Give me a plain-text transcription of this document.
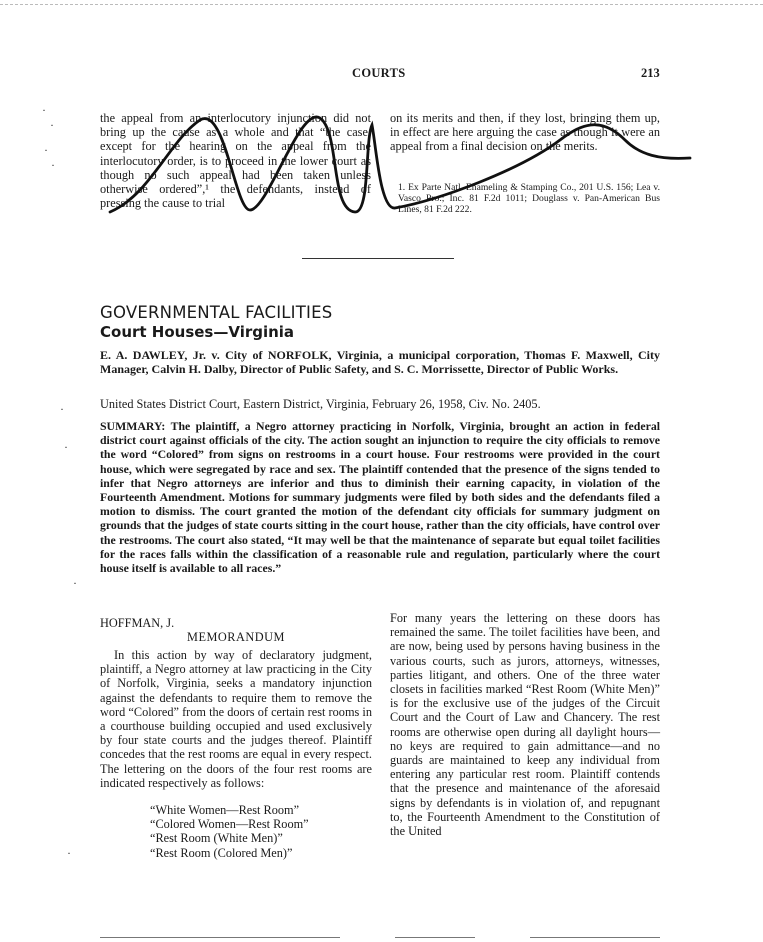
COURTS	213

the appeal from an interlocutory injunction did not bring up the cause as a whole and that “the case, except for the hearing on the appeal from the interlocutory order, is to proceed in the lower court as though no such appeal had been taken unless otherwise ordered”,¹ the defendants, instead of pressing the cause to trial

on its merits and then, if they lost, bringing them up, in effect are here arguing the case as though it were an appeal from a final decision on the merits.

1. Ex Parte Natl. Enameling & Stamping Co., 201 U.S. 156; Lea v. Vasco Pro.; Inc. 81 F.2d 1011; Douglass v. Pan-American Bus Lines, 81 F.2d 222.
GOVERNMENTAL FACILITIES
Court Houses—Virginia
E. A. DAWLEY, Jr. v. City of NORFOLK, Virginia, a municipal corporation, Thomas F. Maxwell, City Manager, Calvin H. Dalby, Director of Public Safety, and S. C. Morrissette, Director of Public Works.
United States District Court, Eastern District, Virginia, February 26, 1958, Civ. No. 2405.
SUMMARY: The plaintiff, a Negro attorney practicing in Norfolk, Virginia, brought an action in federal district court against officials of the city. The action sought an injunction to require the city officials to remove the word “Colored” from signs on restrooms in a court house. Four restrooms were provided in the court house, which were segregated by race and sex. The plaintiff contended that the presence of the signs tended to infer that Negro attorneys are inferior and thus to diminish their earning capacity, in violation of the Fourteenth Amendment. Motions for summary judgments were filed by both sides and the defendants filed a motion to dismiss. The court granted the motion of the defendant city officials for summary judgment on grounds that the judges of state courts sitting in the court house, rather than the city officials, have control over the restrooms. The court also stated, “It may well be that the maintenance of separate but equal toilet facilities for the races falls within the classification of a reasonable rule and regulation, particularly where the court house itself is available to all races.”
HOFFMAN, J.
MEMORANDUM

In this action by way of declaratory judgment, plaintiff, a Negro attorney at law practicing in the City of Norfolk, Virginia, seeks a mandatory injunction against the defendants to require them to remove the word “Colored” from the doors of certain rest rooms in a courthouse building occupied and used exclusively by four state courts and the judges thereof. Plaintiff concedes that the rest rooms are equal in every respect. The lettering on the doors of the four rest rooms are indicated respectively as follows:

“White Women—Rest Room”
“Colored Women—Rest Room”
“Rest Room (White Men)”
“Rest Room (Colored Men)”

For many years the lettering on these doors has remained the same. The toilet facilities have been, and are now, being used by persons having business in the various courts, such as jurors, attorneys, witnesses, parties litigant, and others. One of the three water closets in facilities marked “Rest Room (White Men)” is for the exclusive use of the judges of the Circuit Court and the Court of Law and Chancery. The rest rooms are otherwise open during all daylight hours—no keys are required to gain admittance—and no guards are maintained to keep any individual from entering any particular rest room. Plaintiff contends that the presence and maintenance of the aforesaid signs by defendants is in violation of, and repugnant to, the Fourteenth Amendment to the Constitution of the United

·
·
·
·
·
·
·
·
